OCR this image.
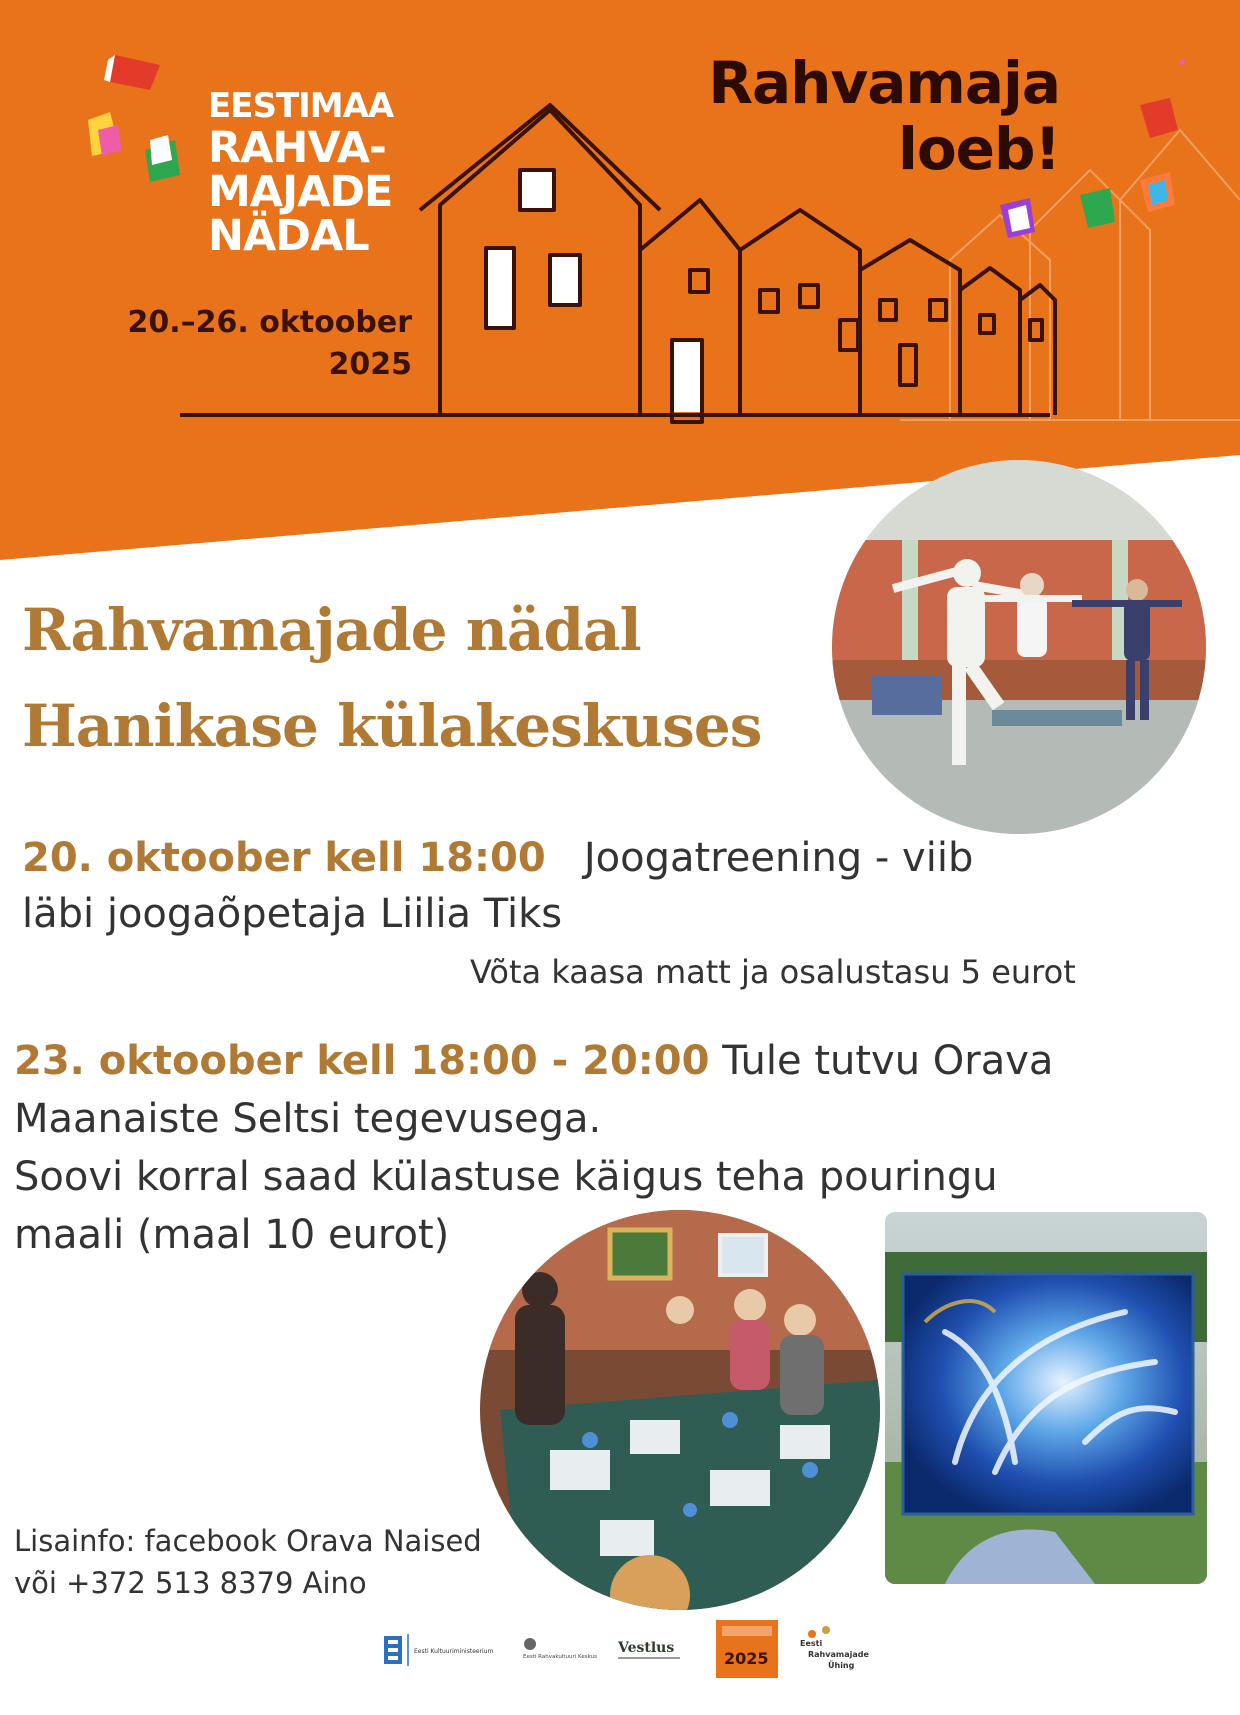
EESTIMAA
RAHVA-
MAJADE
NÄDAL
20.–26. oktoober
2025
Rahvamaja
loeb!
Rahvamajade nädal
Hanikase külakeskuses
20. oktoober kell 18:00 Joogatreening - viib
läbi joogaõpetaja Liilia Tiks
Võta kaasa matt ja osalustasu 5 eurot
23. oktoober kell 18:00 - 20:00 Tule tutvu Orava
Maanaiste Seltsi tegevusega.
Soovi korral saad külastuse käigus teha pouringu
maali (maal 10 eurot)
Lisainfo: facebook Orava Naised
või +372 513 8379 Aino
Eesti Kultuuriministeerium
Eesti Rahvakultuuri Keskus
Vestlus
2025
Eesti
Rahvamajade
Ühing
